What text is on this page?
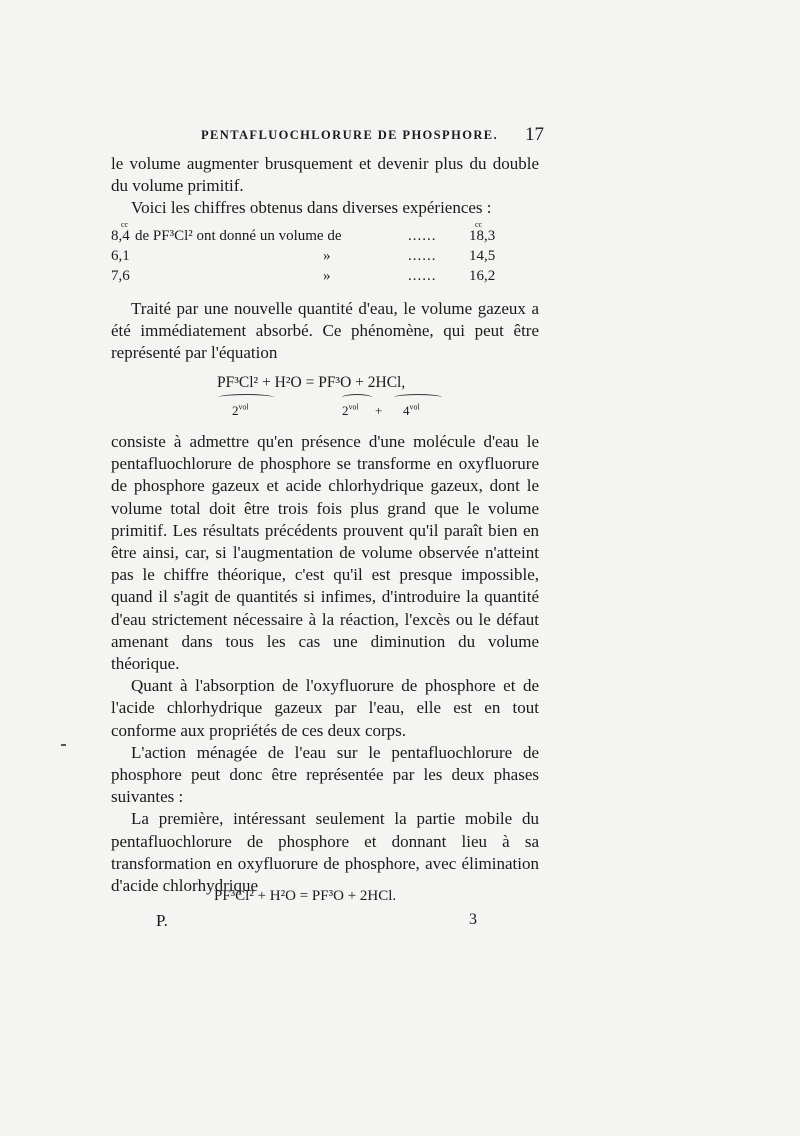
PENTAFLUOCHLORURE DE PHOSPHORE. 17

le volume augmenter brusquement et devenir plus du double du volume primitif.

Voici les chiffres obtenus dans diverses expériences :

cc	cc
8,4 de PF³Cl² ont donné un volume de	...... 18,3
6,1	»	...... 14,5
7,6	»	...... 16,2

Traité par une nouvelle quantité d'eau, le volume gazeux a été immédiatement absorbé. Ce phénomène, qui peut être représenté par l'équation

PF³Cl² + H²O = PF³O + 2HCl,
$2^{vol}$	$2^{vol} + 4^{vol}$

consiste à admettre qu'en présence d'une molécule d'eau le pentafluochlorure de phosphore se transforme en oxyfluorure de phosphore gazeux et acide chlorhydrique gazeux, dont le volume total doit être trois fois plus grand que le volume primitif. Les résultats précédents prouvent qu'il paraît bien en être ainsi, car, si l'augmentation de volume observée n'atteint pas le chiffre théorique, c'est qu'il est presque impossible, quand il s'agit de quantités si infimes, d'introduire la quantité d'eau strictement nécessaire à la réaction, l'excès ou le défaut amenant dans tous les cas une diminution du volume théorique.

Quant à l'absorption de l'oxyfluorure de phosphore et de l'acide chlorhydrique gazeux par l'eau, elle est en tout conforme aux propriétés de ces deux corps.

L'action ménagée de l'eau sur le pentafluochlorure de phosphore peut donc être représentée par les deux phases suivantes :

La première, intéressant seulement la partie mobile du pentafluochlorure de phosphore et donnant lieu à sa transformation en oxyfluorure de phosphore, avec élimination d'acide chlorhydrique

PF³Cl² + H²O = PF³O + 2HCl.
P.	3
